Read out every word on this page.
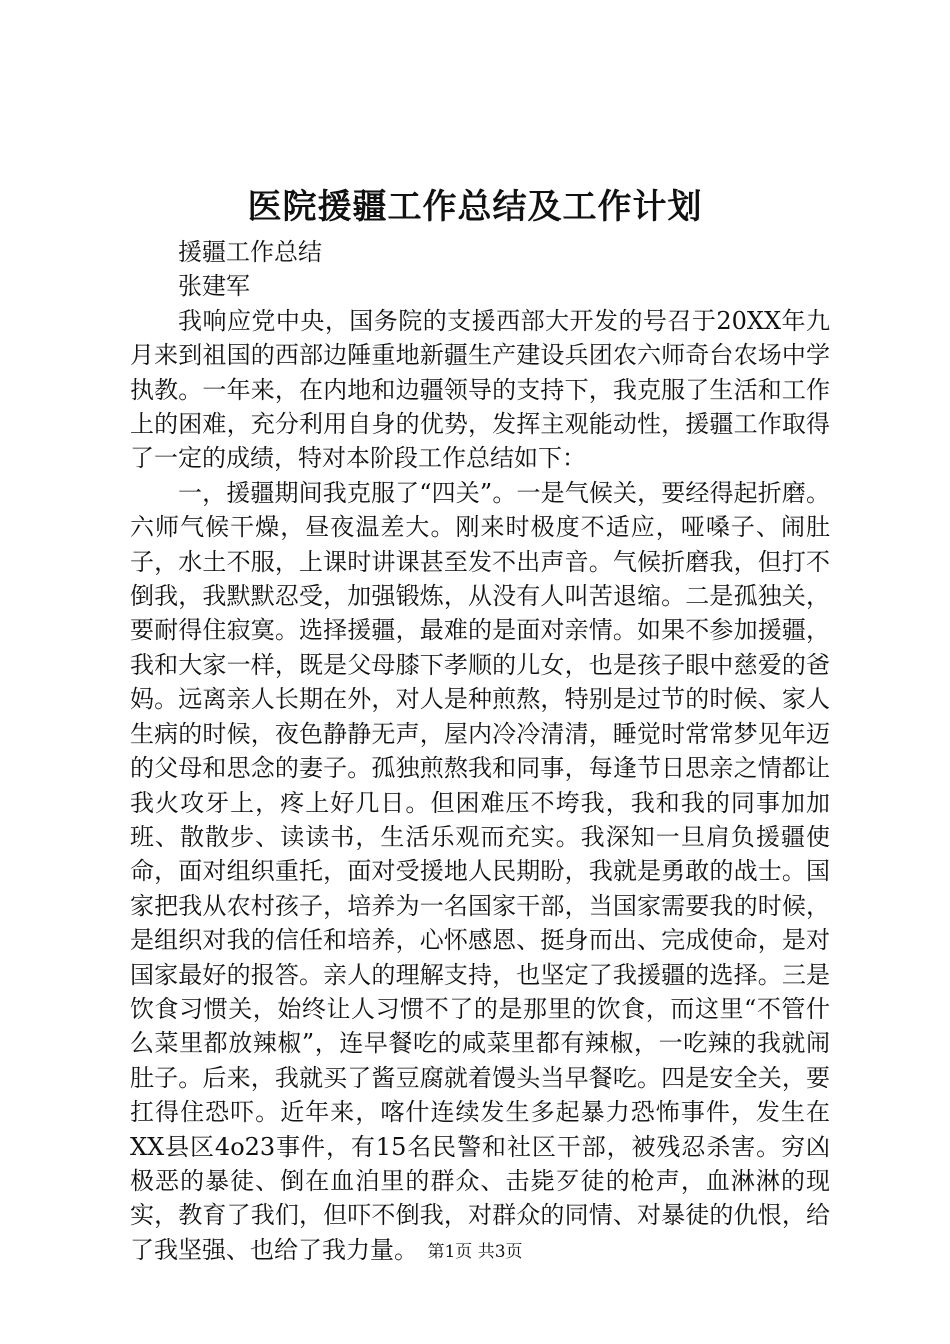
医院援疆工作总结及工作计划

援疆工作总结

张建军

我响应党中央，国务院的支援西部大开发的号召于20XX年九月来到祖国的西部边陲重地新疆生产建设兵团农六师奇台农场中学执教。一年来，在内地和边疆领导的支持下，我克服了生活和工作上的困难，充分利用自身的优势，发挥主观能动性，援疆工作取得了一定的成绩，特对本阶段工作总结如下：

一，援疆期间我克服了“四关”。一是气候关，要经得起折磨。六师气候干燥，昼夜温差大。刚来时极度不适应，哑嗓子、闹肚子，水土不服，上课时讲课甚至发不出声音。气候折磨我，但打不倒我，我默默忍受，加强锻炼，从没有人叫苦退缩。二是孤独关，要耐得住寂寞。选择援疆，最难的是面对亲情。如果不参加援疆，我和大家一样，既是父母膝下孝顺的儿女，也是孩子眼中慈爱的爸妈。远离亲人长期在外，对人是种煎熬，特别是过节的时候、家人生病的时候，夜色静静无声，屋内冷冷清清，睡觉时常常梦见年迈的父母和思念的妻子。孤独煎熬我和同事，每逢节日思亲之情都让我火攻牙上，疼上好几日。但困难压不垮我，我和我的同事加加班、散散步、读读书，生活乐观而充实。我深知一旦肩负援疆使命，面对组织重托，面对受援地人民期盼，我就是勇敢的战士。国家把我从农村孩子，培养为一名国家干部，当国家需要我的时候，是组织对我的信任和培养，心怀感恩、挺身而出、完成使命，是对国家最好的报答。亲人的理解支持，也坚定了我援疆的选择。三是饮食习惯关，始终让人习惯不了的是那里的饮食，而这里“不管什么菜里都放辣椒”，连早餐吃的咸菜里都有辣椒，一吃辣的我就闹肚子。后来，我就买了酱豆腐就着馒头当早餐吃。四是安全关，要扛得住恐吓。近年来，喀什连续发生多起暴力恐怖事件，发生在XX县区4o23事件，有15名民警和社区干部，被残忍杀害。穷凶极恶的暴徒、倒在血泊里的群众、击毙歹徒的枪声，血淋淋的现实，教育了我们，但吓不倒我，对群众的同情、对暴徒的仇恨，给了我坚强、也给了我力量。 第1页 共3页
